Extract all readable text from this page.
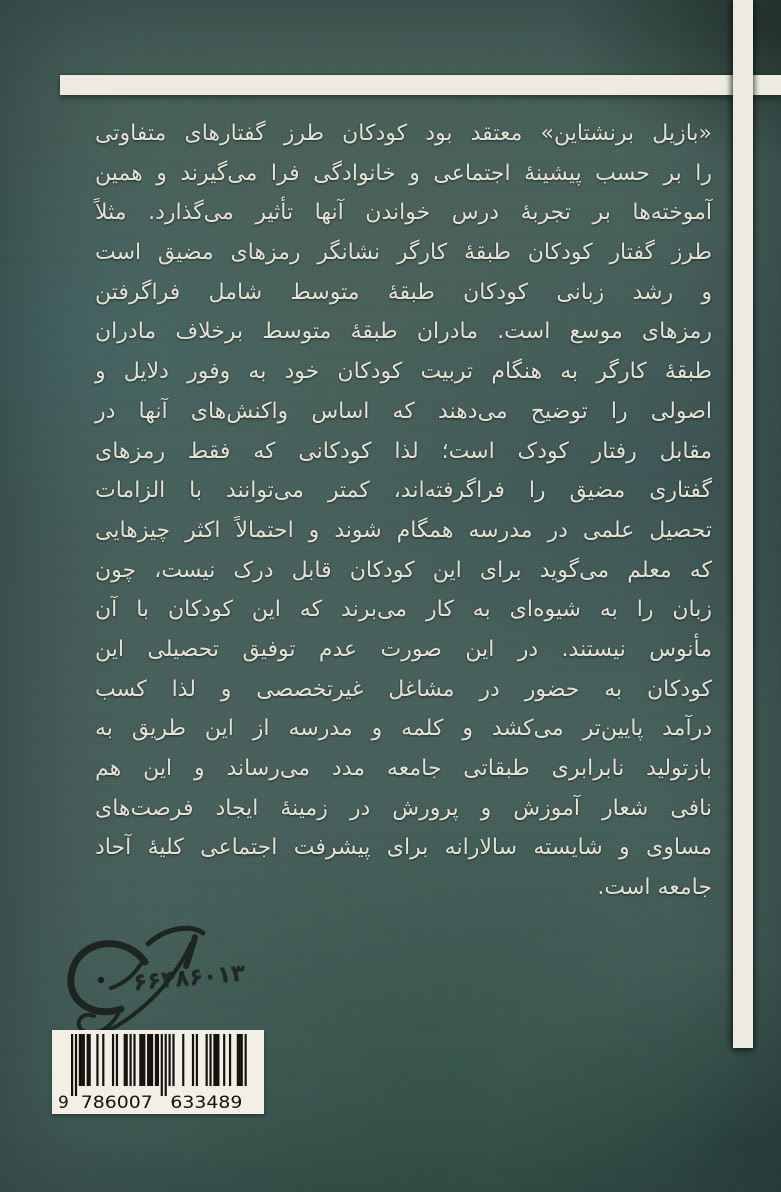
«بازیل برنشتاین» معتقد بود کودکان طرز گفتارهای متفاوتی
را بر حسب پیشینهٔ اجتماعی و خانوادگی فرا می‌گیرند و همین
آموخته‌ها بر تجربهٔ درس خواندن آنها تأثیر می‌گذارد. مثلاً
طرز گفتار کودکان طبقهٔ کارگر نشانگر رمزهای مضیق است
و رشد زبانی کودکان طبقهٔ متوسط شامل فراگرفتن
رمزهای موسع است. مادران طبقهٔ متوسط برخلاف مادران
طبقهٔ کارگر به هنگام تربیت کودکان خود به وفور دلایل و
اصولی را توضیح می‌دهند که اساس واکنش‌های آنها در
مقابل رفتار کودک است؛ لذا کودکانی که فقط رمزهای
گفتاری مضیق را فراگرفته‌اند، کمتر می‌توانند با الزامات
تحصیل علمی در مدرسه همگام شوند و احتمالاً اکثر چیزهایی
که معلم می‌گوید برای این کودکان قابل درک نیست، چون
زبان را به شیوه‌ای به کار می‌برند که این کودکان با آن
مأنوس نیستند. در این صورت عدم توفیق تحصیلی این
کودکان به حضور در مشاغل غیرتخصصی و لذا کسب
درآمد پایین‌تر می‌کشد و کلمه و مدرسه از این طریق به
بازتولید نابرابری طبقاتی جامعه مدد می‌رساند و این هم
نافی شعار آموزش و پرورش در زمینهٔ ایجاد فرصت‌های
مساوی و شایسته سالارانه برای پیشرفت اجتماعی کلیهٔ آحاد
جامعه است.
۶۶۴۸۶۰۱۳
9 786007 633489
